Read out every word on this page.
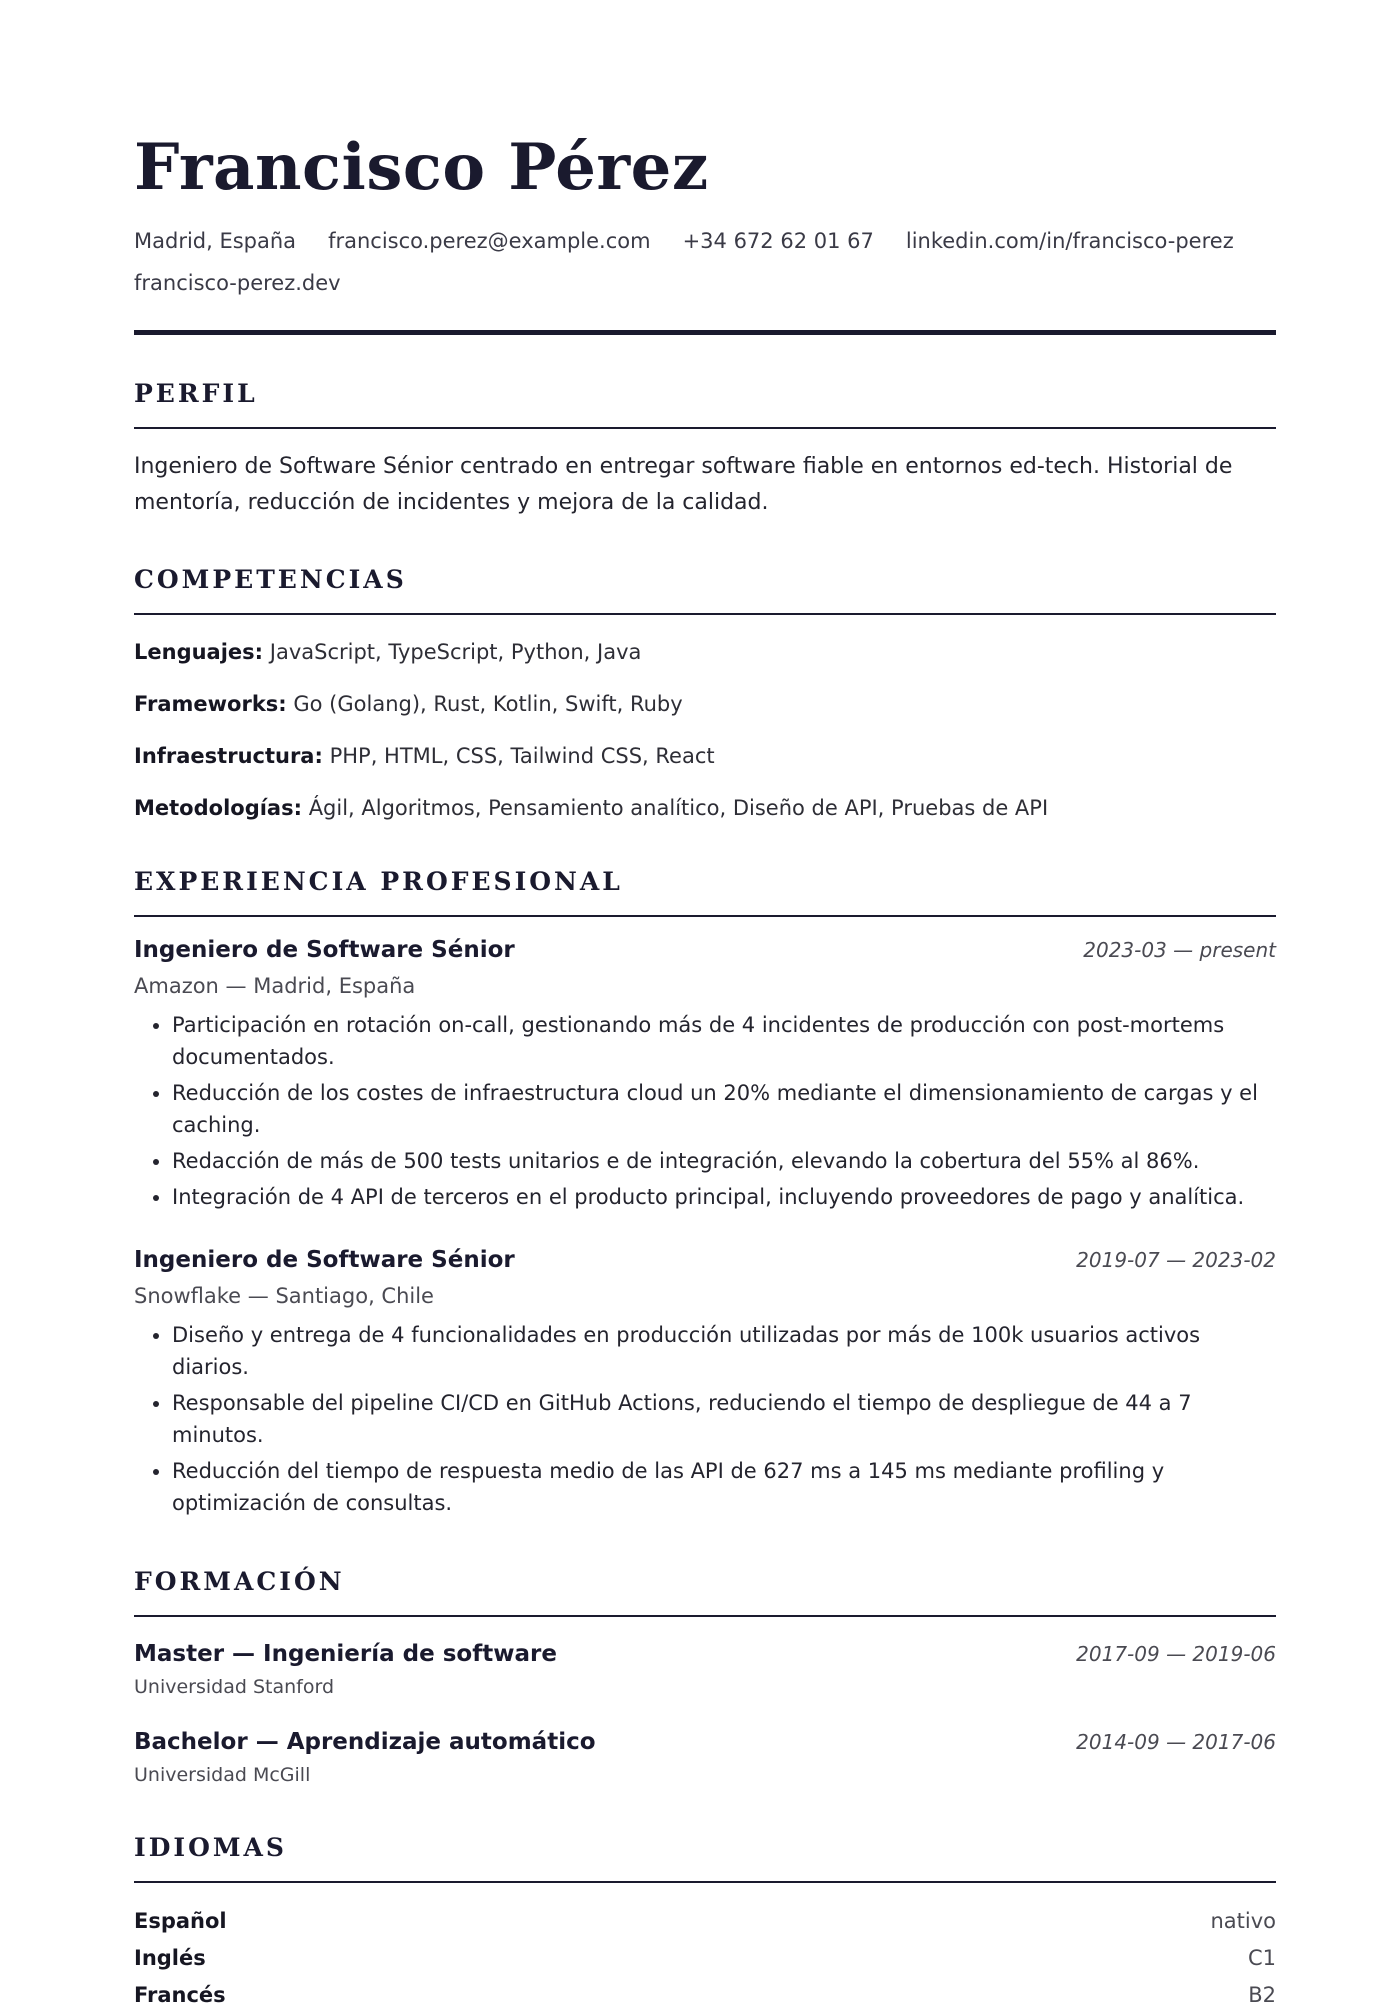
Francisco Pérez
Madrid, España francisco.perez@example.com +34 672 62 01 67 linkedin.com/in/francisco-perez
francisco-perez.dev
PERFIL

Ingeniero de Software Sénior centrado en entregar software fiable en entornos ed-tech. Historial de mentoría, reducción de incidentes y mejora de la calidad.

COMPETENCIAS
Lenguajes: JavaScript, TypeScript, Python, Java
Frameworks: Go (Golang), Rust, Kotlin, Swift, Ruby
Infraestructura: PHP, HTML, CSS, Tailwind CSS, React
Metodologías: Ágil, Algoritmos, Pensamiento analítico, Diseño de API, Pruebas de API
EXPERIENCIA PROFESIONAL
Ingeniero de Software Sénior	2023-03 — present
Amazon — Madrid, España
• Participación en rotación on-call, gestionando más de 4 incidentes de producción con post-mortems documentados.
• Reducción de los costes de infraestructura cloud un 20% mediante el dimensionamiento de cargas y el caching.
• Redacción de más de 500 tests unitarios e de integración, elevando la cobertura del 55% al 86%.
• Integración de 4 API de terceros en el producto principal, incluyendo proveedores de pago y analítica.
Ingeniero de Software Sénior	2019-07 — 2023-02
Snowflake — Santiago, Chile
• Diseño y entrega de 4 funcionalidades en producción utilizadas por más de 100k usuarios activos diarios.
• Responsable del pipeline CI/CD en GitHub Actions, reduciendo el tiempo de despliegue de 44 a 7 minutos.
• Reducción del tiempo de respuesta medio de las API de 627 ms a 145 ms mediante profiling y optimización de consultas.
FORMACIÓN
Master — Ingeniería de software	2017-09 — 2019-06
Universidad Stanford
Bachelor — Aprendizaje automático	2014-09 — 2017-06
Universidad McGill
IDIOMAS
Español	nativo
Inglés	C1
Francés	B2
